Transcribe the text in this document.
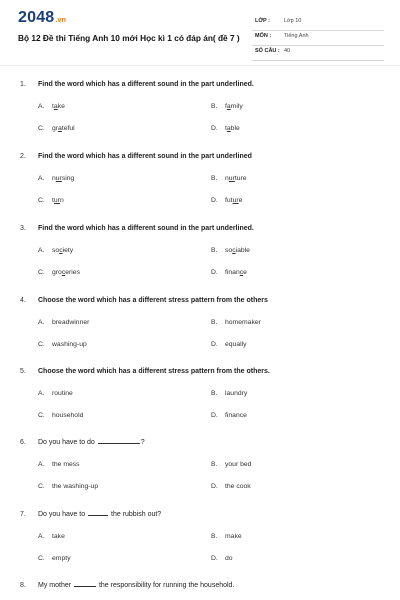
2048.vn
Bộ 12 Đề thi Tiếng Anh 10 mới Học kì 1 có đáp án( đề 7 )
LỚP :	Lớp 10
MÔN : Tiếng Anh
SỐ CÂU : 40
1. Find the word which has a different sound in the part underlined.
A. take	B. family
C. grateful	D. table
2. Find the word which has a different sound in the part underlined
A. nursing	B. nurture
C. turn	D. future
3. Find the word which has a different sound in the part underlined.
A. society	B. sociable
C. groceries	D. finance
4. Choose the word which has a different stress pattern from the others
A. breadwinner	B. homemaker
C. washing-up	D. equally
5. Choose the word which has a different stress pattern from the others.
A. routine	B. laundry
C. household	D. finance
6. Do you have to do	?
A. the mess	B. your bed
C. the washing-up	D. the cook
7. Do you have to	the rubbish out?
A. take	B. make
C. empty	D. do
8. My mother	the responsibility for running the household.
